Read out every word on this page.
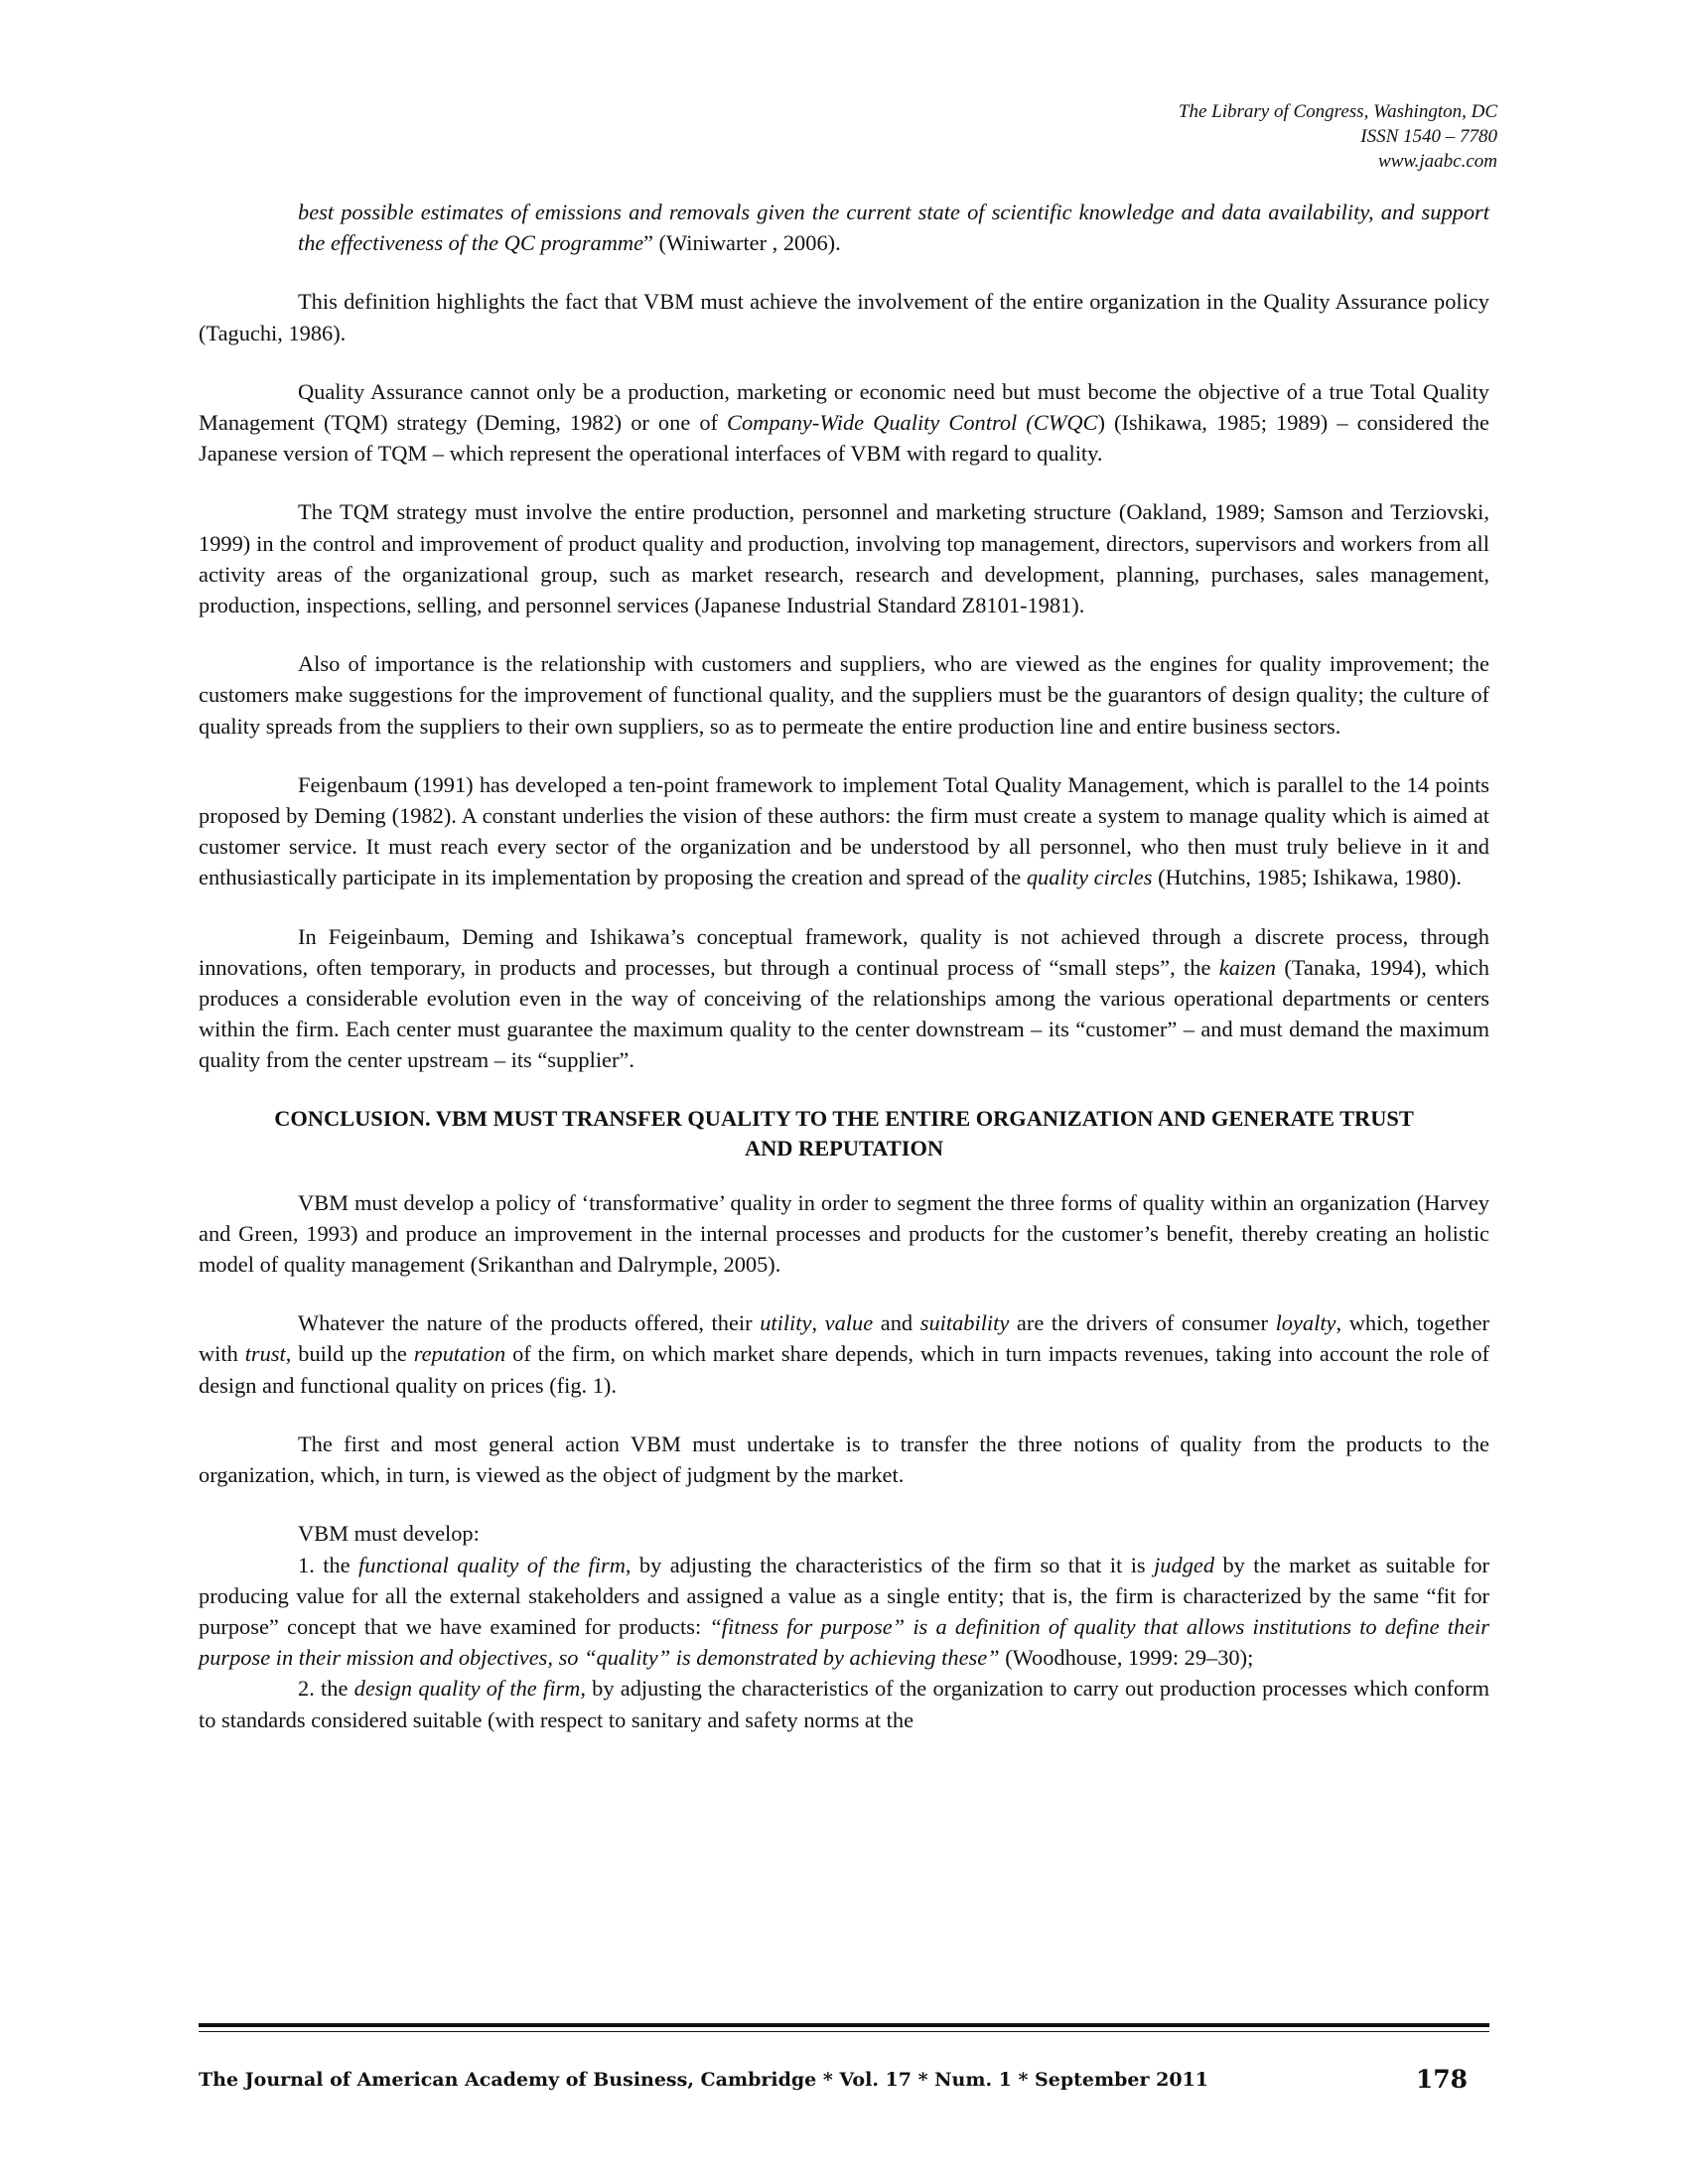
The Library of Congress, Washington, DC
ISSN 1540 – 7780
www.jaabc.com

best possible estimates of emissions and removals given the current state of scientific knowledge and data availability, and support the effectiveness of the QC programme” (Winiwarter , 2006).

This definition highlights the fact that VBM must achieve the involvement of the entire organization in the Quality Assurance policy (Taguchi, 1986).

Quality Assurance cannot only be a production, marketing or economic need but must become the objective of a true Total Quality Management (TQM) strategy (Deming, 1982) or one of Company-Wide Quality Control (CWQC) (Ishikawa, 1985; 1989) – considered the Japanese version of TQM – which represent the operational interfaces of VBM with regard to quality.

The TQM strategy must involve the entire production, personnel and marketing structure (Oakland, 1989; Samson and Terziovski, 1999) in the control and improvement of product quality and production, involving top management, directors, supervisors and workers from all activity areas of the organizational group, such as market research, research and development, planning, purchases, sales management, production, inspections, selling, and personnel services (Japanese Industrial Standard Z8101-1981).

Also of importance is the relationship with customers and suppliers, who are viewed as the engines for quality improvement; the customers make suggestions for the improvement of functional quality, and the suppliers must be the guarantors of design quality; the culture of quality spreads from the suppliers to their own suppliers, so as to permeate the entire production line and entire business sectors.

Feigenbaum (1991) has developed a ten-point framework to implement Total Quality Management, which is parallel to the 14 points proposed by Deming (1982). A constant underlies the vision of these authors: the firm must create a system to manage quality which is aimed at customer service. It must reach every sector of the organization and be understood by all personnel, who then must truly believe in it and enthusiastically participate in its implementation by proposing the creation and spread of the quality circles (Hutchins, 1985; Ishikawa, 1980).

In Feigeinbaum, Deming and Ishikawa’s conceptual framework, quality is not achieved through a discrete process, through innovations, often temporary, in products and processes, but through a continual process of “small steps”, the kaizen (Tanaka, 1994), which produces a considerable evolution even in the way of conceiving of the relationships among the various operational departments or centers within the firm. Each center must guarantee the maximum quality to the center downstream – its “customer” – and must demand the maximum quality from the center upstream – its “supplier”.

CONCLUSION. VBM MUST TRANSFER QUALITY TO THE ENTIRE ORGANIZATION AND GENERATE TRUST AND REPUTATION

VBM must develop a policy of ‘transformative’ quality in order to segment the three forms of quality within an organization (Harvey and Green, 1993) and produce an improvement in the internal processes and products for the customer’s benefit, thereby creating an holistic model of quality management (Srikanthan and Dalrymple, 2005).

Whatever the nature of the products offered, their utility, value and suitability are the drivers of consumer loyalty, which, together with trust, build up the reputation of the firm, on which market share depends, which in turn impacts revenues, taking into account the role of design and functional quality on prices (fig. 1).

The first and most general action VBM must undertake is to transfer the three notions of quality from the products to the organization, which, in turn, is viewed as the object of judgment by the market.

VBM must develop:

1. the functional quality of the firm, by adjusting the characteristics of the firm so that it is judged by the market as suitable for producing value for all the external stakeholders and assigned a value as a single entity; that is, the firm is characterized by the same “fit for purpose” concept that we have examined for products: “fitness for purpose” is a definition of quality that allows institutions to define their purpose in their mission and objectives, so “quality” is demonstrated by achieving these” (Woodhouse, 1999: 29–30);

2. the design quality of the firm, by adjusting the characteristics of the organization to carry out production processes which conform to standards considered suitable (with respect to sanitary and safety norms at the

The Journal of American Academy of Business, Cambridge * Vol. 17 * Num. 1 * September 2011	178
